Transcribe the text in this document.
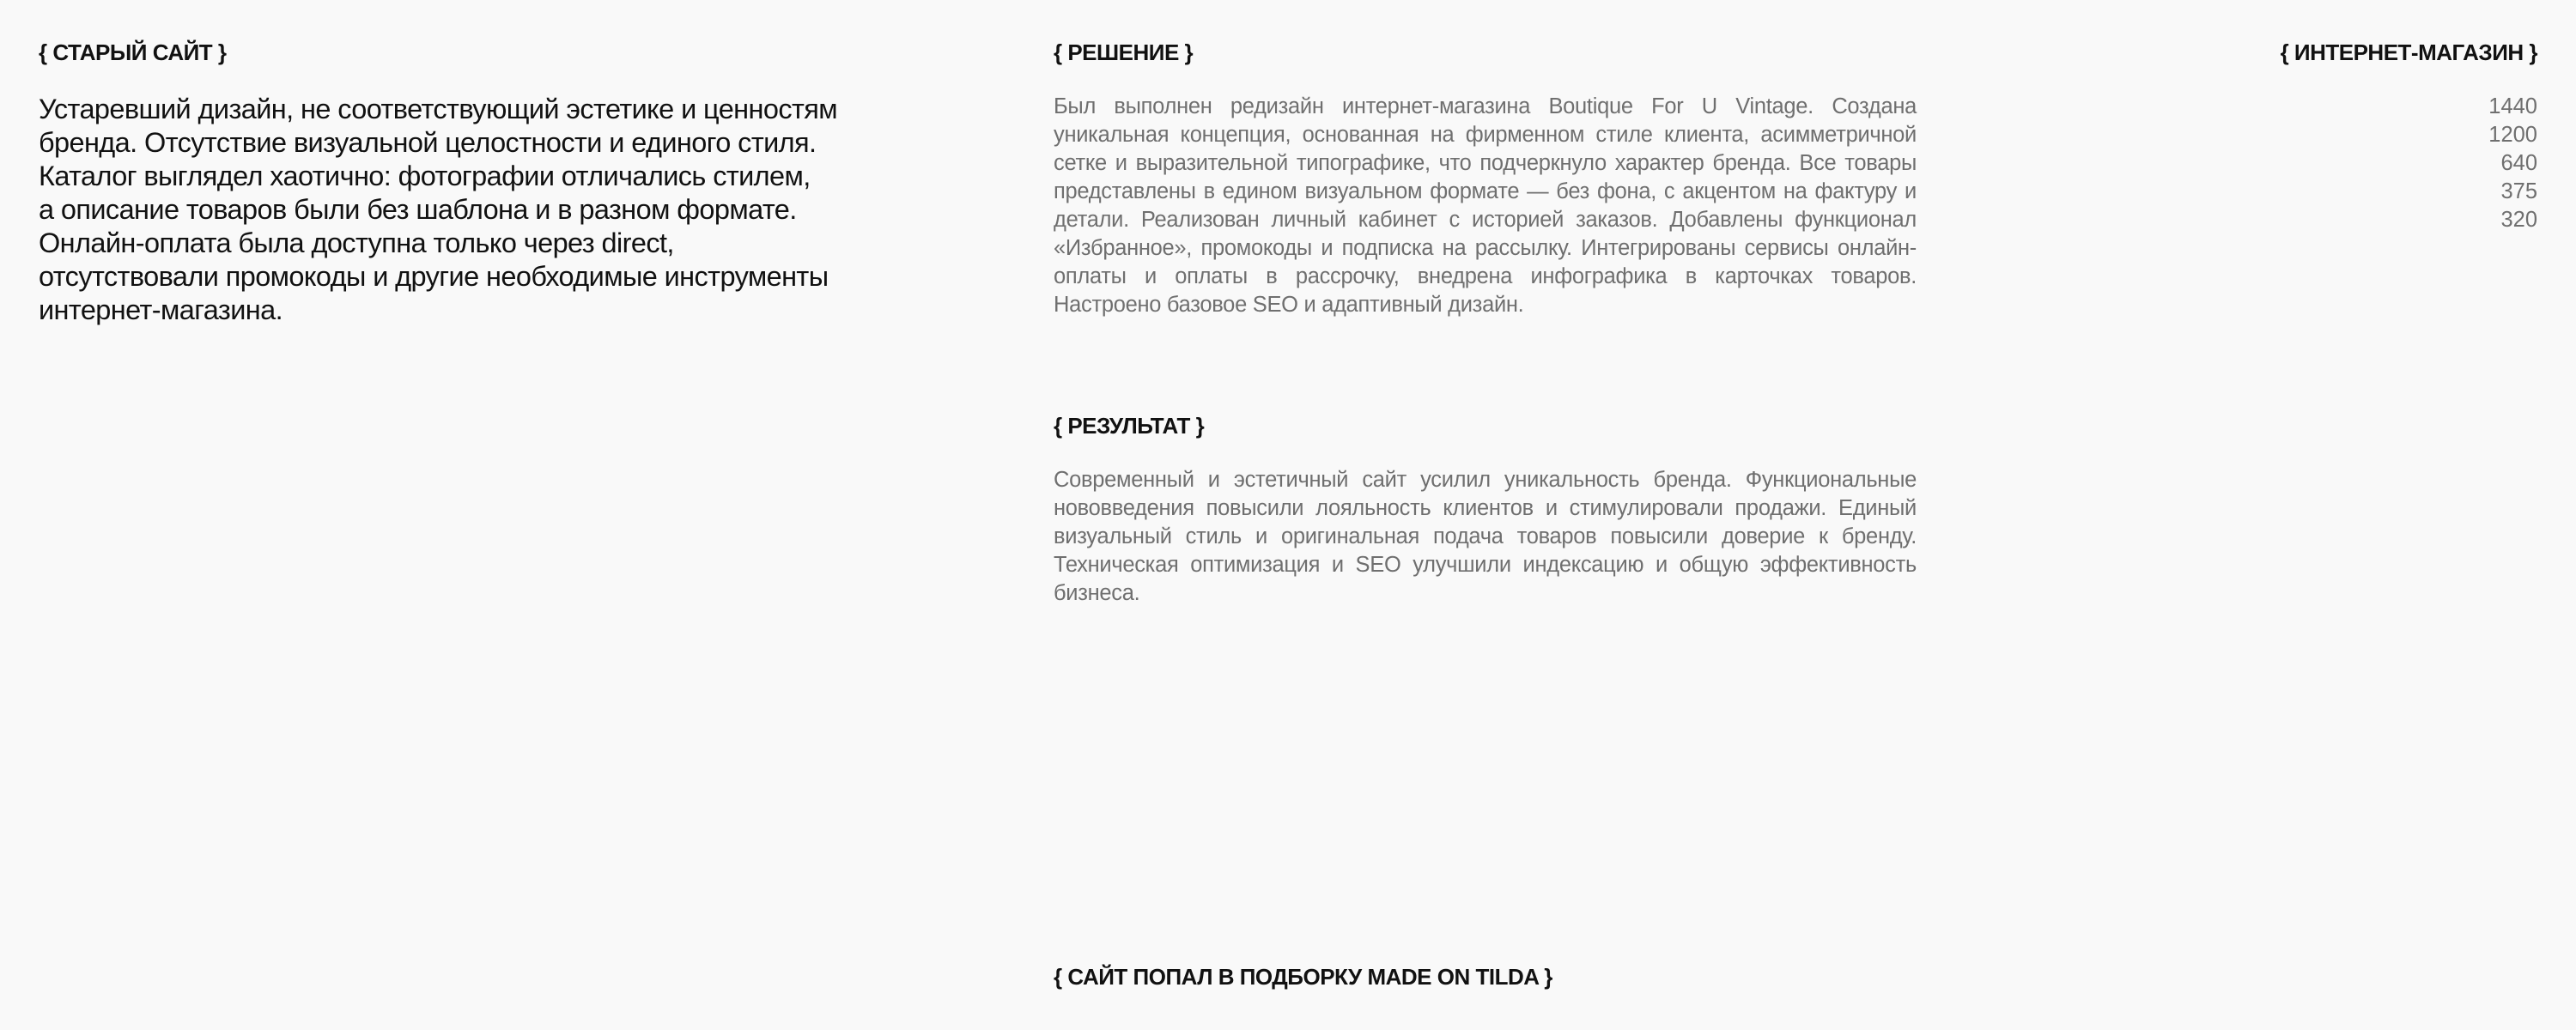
{ СТАРЫЙ САЙТ }
Устаревший дизайн, не соответствующий эстетике и ценностям
бренда. Отсутствие визуальной целостности и единого стиля.
Каталог выглядел хаотично: фотографии отличались стилем,
а описание товаров были без шаблона и в разном формате.
Онлайн-оплата была доступна только через direct,
отсутствовали промокоды и другие необходимые инструменты
интернет-магазина.
{ РЕШЕНИЕ }

Был выполнен редизайн интернет-магазина Boutique For U Vintage. Создана уникальная концепция, основанная на фирменном стиле клиента, асимметричной сетке и выразительной типографике, что подчеркнуло характер бренда. Все товары представлены в едином визуальном формате — без фона, с акцентом на фактуру и детали. Реализован личный кабинет с историей заказов. Добавлены функционал «Избранное», промокоды и подписка на рассылку. Интегрированы сервисы онлайн-оплаты и оплаты в рассрочку, внедрена инфографика в карточках товаров. Настроено базовое SEO и адаптивный дизайн.

{ РЕЗУЛЬТАТ }

Современный и эстетичный сайт усилил уникальность бренда. Функциональные нововведения повысили лояльность клиентов и стимулировали продажи. Единый визуальный стиль и оригинальная подача товаров повысили доверие к бренду. Техническая оптимизация и SEO улучшили индексацию и общую эффективность бизнеса.

{ ИНТЕРНЕТ-МАГАЗИН }
1440
1200
640
375
320
{ САЙТ ПОПАЛ В ПОДБОРКУ MADE ON TILDA }
